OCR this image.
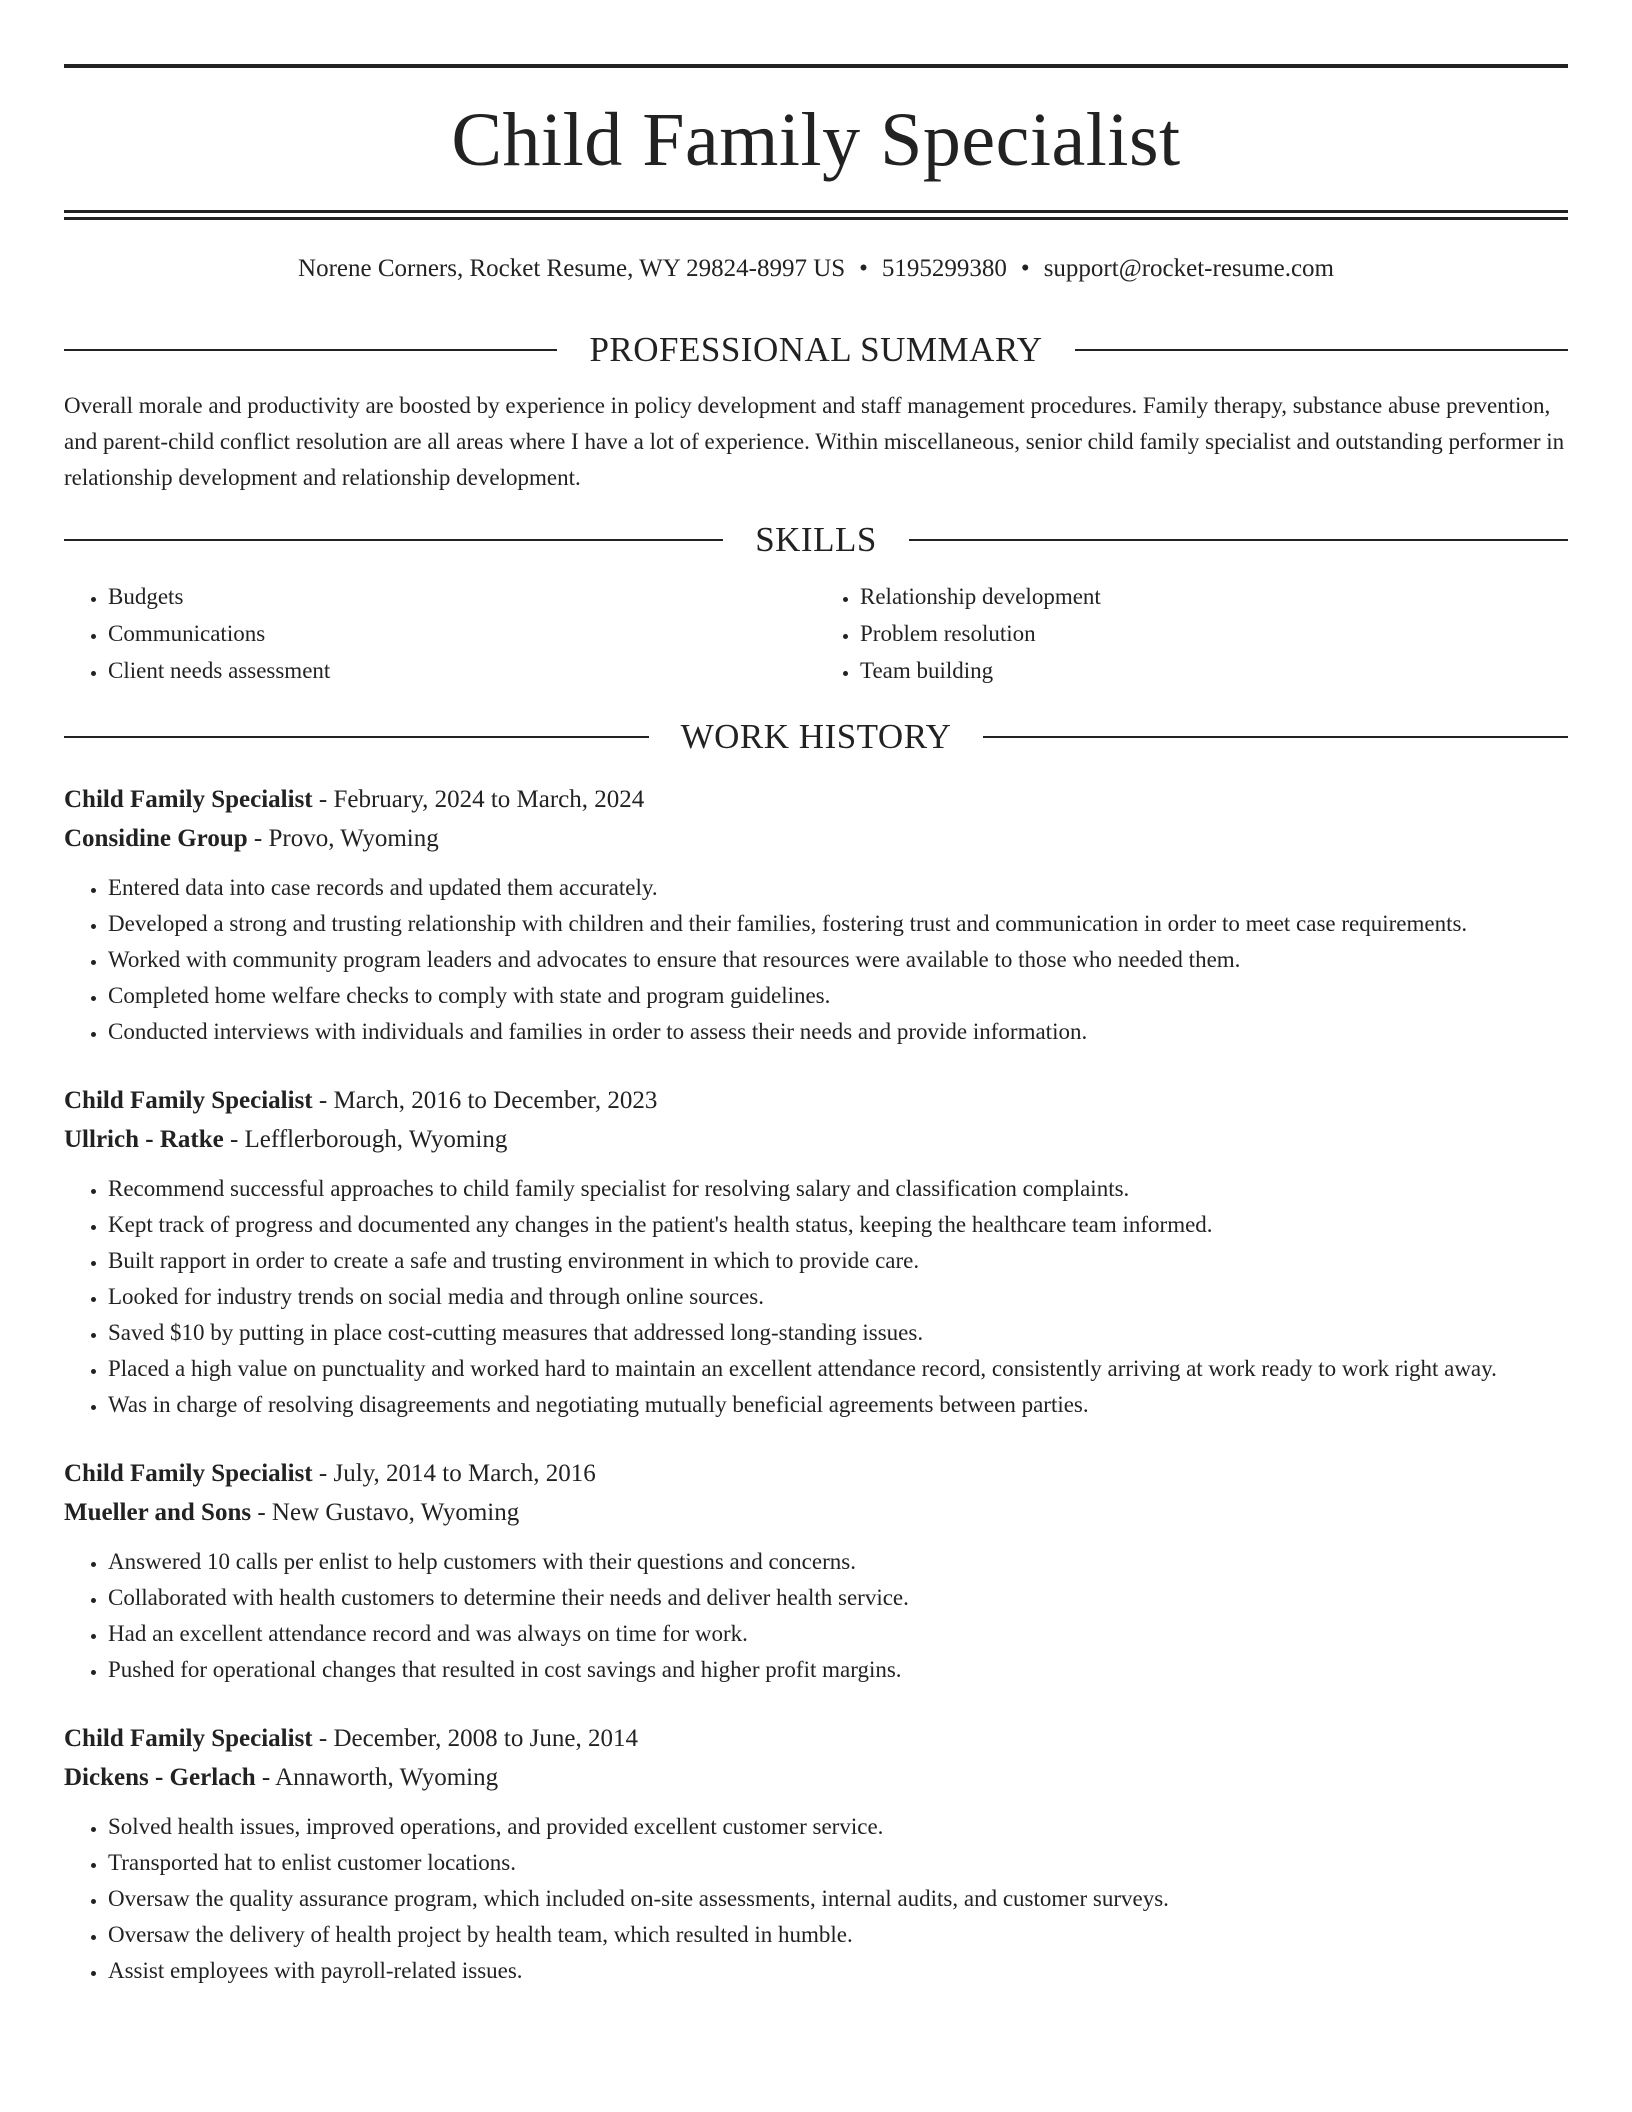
Child Family Specialist
Norene Corners, Rocket Resume, WY 29824-8997 US • 5195299380 • support@rocket-resume.com
PROFESSIONAL SUMMARY

Overall morale and productivity are boosted by experience in policy development and staff management procedures. Family therapy, substance abuse prevention, and parent-child conflict resolution are all areas where I have a lot of experience. Within miscellaneous, senior child family specialist and outstanding performer in relationship development and relationship development.

SKILLS
• Budgets
• Communications
• Client needs assessment
• Relationship development
• Problem resolution
• Team building
WORK HISTORY
Child Family Specialist - February, 2024 to March, 2024
Considine Group - Provo, Wyoming
• Entered data into case records and updated them accurately.
• Developed a strong and trusting relationship with children and their families, fostering trust and communication in order to meet case requirements.
• Worked with community program leaders and advocates to ensure that resources were available to those who needed them.
• Completed home welfare checks to comply with state and program guidelines.
• Conducted interviews with individuals and families in order to assess their needs and provide information.
Child Family Specialist - March, 2016 to December, 2023
Ullrich - Ratke - Lefflerborough, Wyoming
• Recommend successful approaches to child family specialist for resolving salary and classification complaints.
• Kept track of progress and documented any changes in the patient's health status, keeping the healthcare team informed.
• Built rapport in order to create a safe and trusting environment in which to provide care.
• Looked for industry trends on social media and through online sources.
• Saved $10 by putting in place cost-cutting measures that addressed long-standing issues.
• Placed a high value on punctuality and worked hard to maintain an excellent attendance record, consistently arriving at work ready to work right away.
• Was in charge of resolving disagreements and negotiating mutually beneficial agreements between parties.
Child Family Specialist - July, 2014 to March, 2016
Mueller and Sons - New Gustavo, Wyoming
• Answered 10 calls per enlist to help customers with their questions and concerns.
• Collaborated with health customers to determine their needs and deliver health service.
• Had an excellent attendance record and was always on time for work.
• Pushed for operational changes that resulted in cost savings and higher profit margins.
Child Family Specialist - December, 2008 to June, 2014
Dickens - Gerlach - Annaworth, Wyoming
• Solved health issues, improved operations, and provided excellent customer service.
• Transported hat to enlist customer locations.
• Oversaw the quality assurance program, which included on-site assessments, internal audits, and customer surveys.
• Oversaw the delivery of health project by health team, which resulted in humble.
• Assist employees with payroll-related issues.
